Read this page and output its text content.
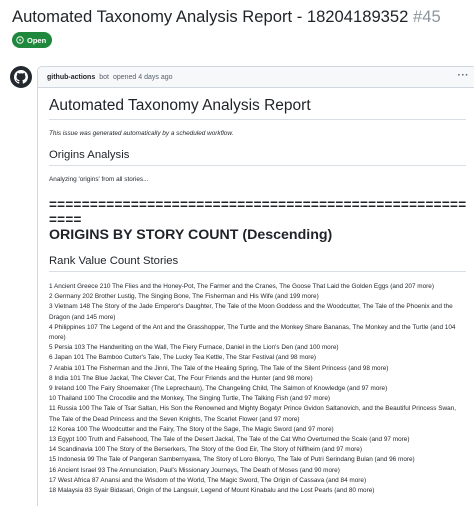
Automated Taxonomy Analysis Report - 18204189352 #45
Open
github-actions bot opened 4 days ago	···
Automated Taxonomy Analysis Report

This issue was generated automatically by a scheduled workflow.

Origins Analysis

Analyzing 'origins' from all stories...

=======================================================
ORIGINS BY STORY COUNT (Descending)
Rank Value Count Stories
1 Ancient Greece 210 The Flies and the Honey-Pot, The Farmer and the Cranes, The Goose That Laid the Golden Eggs (and 207 more)
2 Germany 202 Brother Lustig, The Singing Bone, The Fisherman and His Wife (and 199 more)
3 Vietnam 148 The Story of the Jade Emperor's Daughter, The Tale of the Moon Goddess and the Woodcutter, The Tale of the Phoenix and the Dragon (and 145 more)
4 Philippines 107 The Legend of the Ant and the Grasshopper, The Turtle and the Monkey Share Bananas, The Monkey and the Turtle (and 104 more)
5 Persia 103 The Handwriting on the Wall, The Fiery Furnace, Daniel in the Lion's Den (and 100 more)
6 Japan 101 The Bamboo Cutter's Tale, The Lucky Tea Kettle, The Star Festival (and 98 more)
7 Arabia 101 The Fisherman and the Jinni, The Tale of the Healing Spring, The Tale of the Silent Princess (and 98 more)
8 India 101 The Blue Jackal, The Clever Cat, The Four Friends and the Hunter (and 98 more)
9 Ireland 100 The Fairy Shoemaker (The Leprechaun), The Changeling Child, The Salmon of Knowledge (and 97 more)
10 Thailand 100 The Crocodile and the Monkey, The Singing Turtle, The Talking Fish (and 97 more)
11 Russia 100 The Tale of Tsar Saltan, His Son the Renowned and Mighty Bogatyr Prince Gvidon Saltanovich, and the Beautiful Princess Swan, The Tale of the Dead Princess and the Seven Knights, The Scarlet Flower (and 97 more)
12 Korea 100 The Woodcutter and the Fairy, The Story of the Sage, The Magic Sword (and 97 more)
13 Egypt 100 Truth and Falsehood, The Tale of the Desert Jackal, The Tale of the Cat Who Overturned the Scale (and 97 more)
14 Scandinavia 100 The Story of the Berserkers, The Story of the God Eir, The Story of Niflheim (and 97 more)
15 Indonesia 99 The Tale of Pangeran Sambernyawa, The Story of Loro Blonyo, The Tale of Putri Serindang Bulan (and 96 more)
16 Ancient Israel 93 The Annunciation, Paul's Missionary Journeys, The Death of Moses (and 90 more)
17 West Africa 87 Anansi and the Wisdom of the World, The Magic Sword, The Origin of Cassava (and 84 more)
18 Malaysia 83 Syair Bidasari, Origin of the Langsuir, Legend of Mount Kinabalu and the Lost Pearls (and 80 more)
